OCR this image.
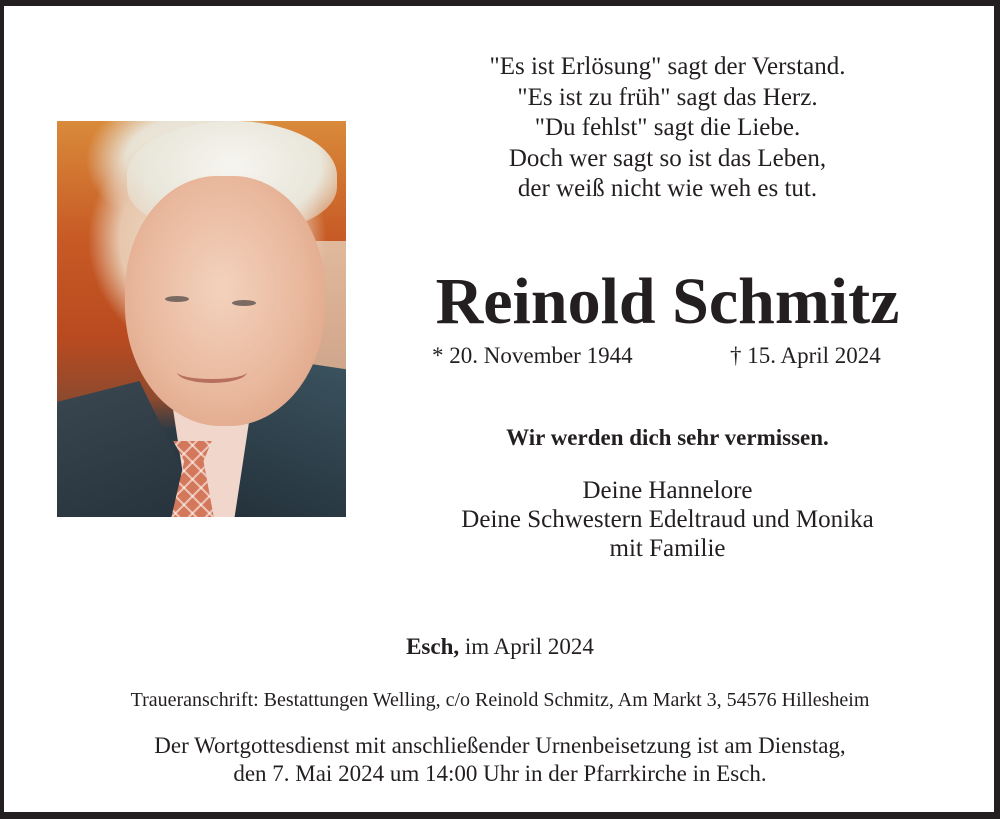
"Es ist Erlösung" sagt der Verstand.
"Es ist zu früh" sagt das Herz.
"Du fehlst" sagt die Liebe.
Doch wer sagt so ist das Leben,
der weiß nicht wie weh es tut.
Reinold Schmitz
* 20. November 1944	† 15. April 2024
Wir werden dich sehr vermissen.
Deine Hannelore
Deine Schwestern Edeltraud und Monika
mit Familie
Esch, im April 2024
Traueranschrift: Bestattungen Welling, c/o Reinold Schmitz, Am Markt 3, 54576 Hillesheim
Der Wortgottesdienst mit anschließender Urnenbeisetzung ist am Dienstag,
den 7. Mai 2024 um 14:00 Uhr in der Pfarrkirche in Esch.
